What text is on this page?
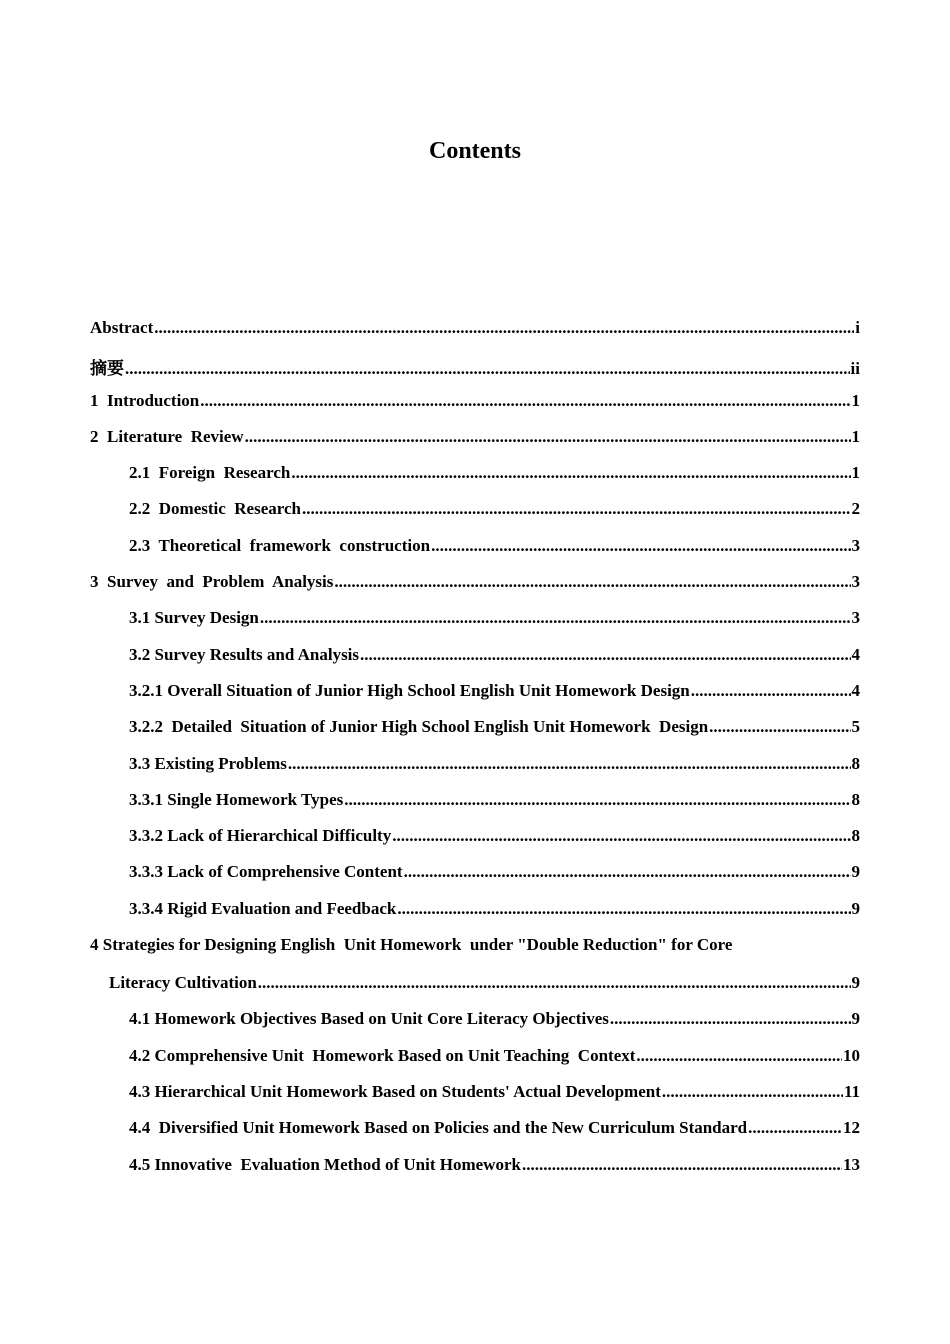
Contents
Abstract .....	i
摘要 .....	ii
1  Introduction .....	1
2  Literature  Review .....	1
2.1  Foreign  Research .....	1
2.2  Domestic  Research .....	2
2.3  Theoretical  framework  construction .....	3
3  Survey  and  Problem  Analysis .....	3
3.1 Survey Design .....	3
3.2 Survey Results and Analysis .....	4
3.2.1 Overall Situation of Junior High School English Unit Homework Design .....	4
3.2.2  Detailed  Situation of Junior High School English Unit Homework  Design .....	5
3.3 Existing Problems .....	8
3.3.1 Single Homework Types .....	8
3.3.2 Lack of Hierarchical Difficulty .....	8
3.3.3 Lack of Comprehensive Content .....	9
3.3.4 Rigid Evaluation and Feedback .....	9
4 Strategies for Designing English  Unit Homework  under "Double Reduction" for Core
Literacy Cultivation .....	9
4.1 Homework Objectives Based on Unit Core Literacy Objectives .....	9
4.2 Comprehensive Unit  Homework Based on Unit Teaching  Context .....	10
4.3 Hierarchical Unit Homework Based on Students' Actual Development .....	11
4.4  Diversified Unit Homework Based on Policies and the New Curriculum Standard .....	12
4.5 Innovative  Evaluation Method of Unit Homework .....	13
